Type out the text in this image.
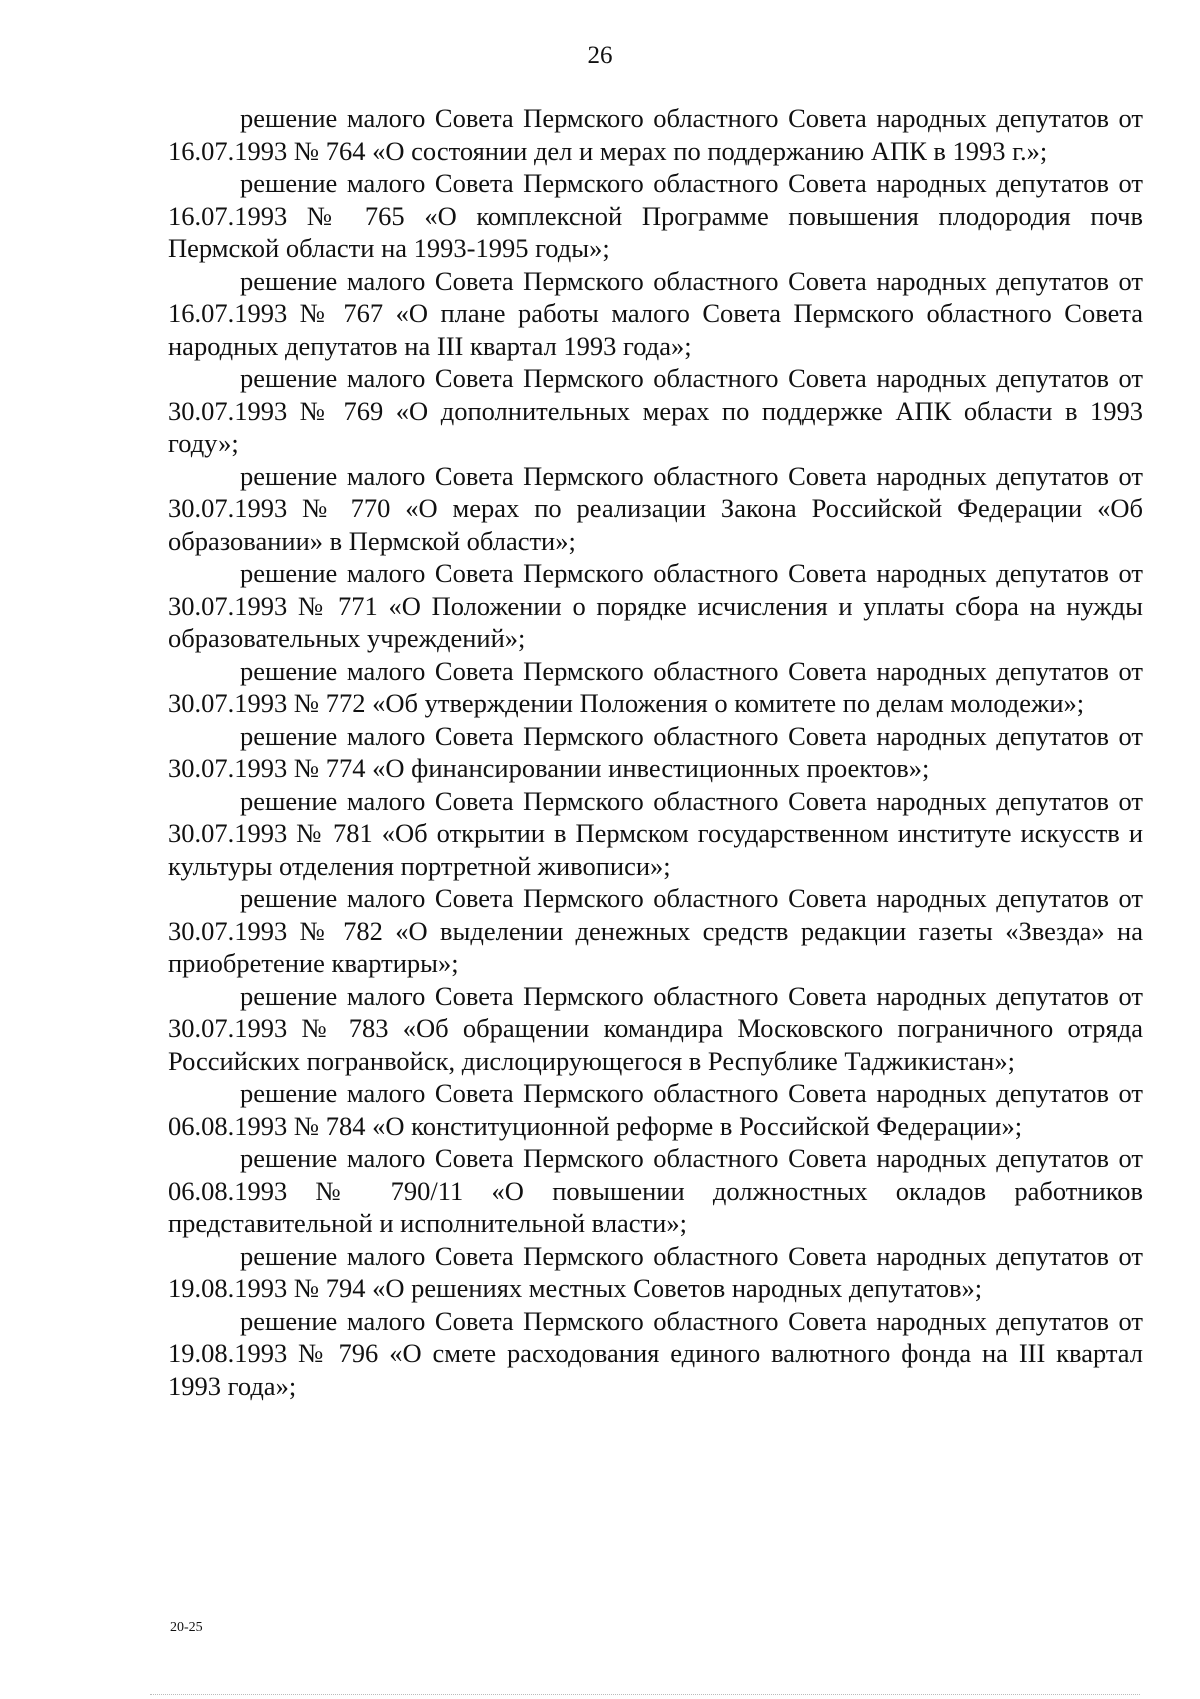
26

решение малого Совета Пермского областного Совета народных депутатов от 16.07.1993 № 764 «О состоянии дел и мерах по поддержанию АПК в 1993 г.»;

решение малого Совета Пермского областного Совета народных депутатов от 16.07.1993 № 765 «О комплексной Программе повышения плодородия почв Пермской области на 1993-1995 годы»;

решение малого Совета Пермского областного Совета народных депутатов от 16.07.1993 № 767 «О плане работы малого Совета Пермского областного Совета народных депутатов на III квартал 1993 года»;

решение малого Совета Пермского областного Совета народных депутатов от 30.07.1993 № 769 «О дополнительных мерах по поддержке АПК области в 1993 году»;

решение малого Совета Пермского областного Совета народных депутатов от 30.07.1993 № 770 «О мерах по реализации Закона Российской Федерации «Об образовании» в Пермской области»;

решение малого Совета Пермского областного Совета народных депутатов от 30.07.1993 № 771 «О Положении о порядке исчисления и уплаты сбора на нужды образовательных учреждений»;

решение малого Совета Пермского областного Совета народных депутатов от 30.07.1993 № 772 «Об утверждении Положения о комитете по делам молодежи»;

решение малого Совета Пермского областного Совета народных депутатов от 30.07.1993 № 774 «О финансировании инвестиционных проектов»;

решение малого Совета Пермского областного Совета народных депутатов от 30.07.1993 № 781 «Об открытии в Пермском государственном институте искусств и культуры отделения портретной живописи»;

решение малого Совета Пермского областного Совета народных депутатов от 30.07.1993 № 782 «О выделении денежных средств редакции газеты «Звезда» на приобретение квартиры»;

решение малого Совета Пермского областного Совета народных депутатов от 30.07.1993 № 783 «Об обращении командира Московского пограничного отряда Российских погранвойск, дислоцирующегося в Республике Таджикистан»;

решение малого Совета Пермского областного Совета народных депутатов от 06.08.1993 № 784 «О конституционной реформе в Российской Федерации»;

решение малого Совета Пермского областного Совета народных депутатов от 06.08.1993 № 790/11 «О повышении должностных окладов работников представительной и исполнительной власти»;

решение малого Совета Пермского областного Совета народных депутатов от 19.08.1993 № 794 «О решениях местных Советов народных депутатов»;

решение малого Совета Пермского областного Совета народных депутатов от 19.08.1993 № 796 «О смете расходования единого валютного фонда на III квартал 1993 года»;

20-25
